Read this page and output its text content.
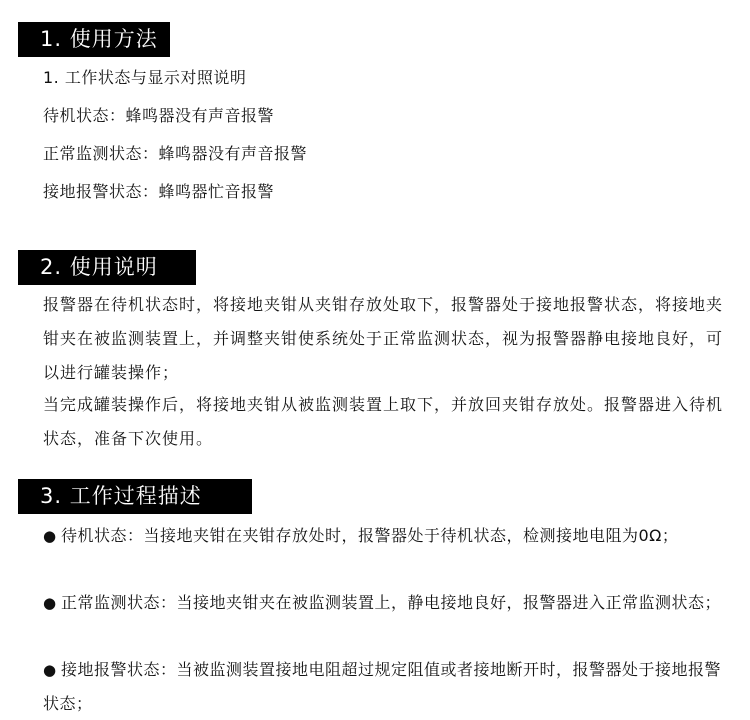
1. 使用方法
1. 工作状态与显示对照说明
待机状态：蜂鸣器没有声音报警
正常监测状态：蜂鸣器没有声音报警
接地报警状态：蜂鸣器忙音报警
2. 使用说明
报警器在待机状态时，将接地夹钳从夹钳存放处取下，报警器处于接地报警状态，将接地夹钳夹在被监测装置上，并调整夹钳使系统处于正常监测状态，视为报警器静电接地良好，可以进行罐装操作；
当完成罐装操作后，将接地夹钳从被监测装置上取下，并放回夹钳存放处。报警器进入待机状态，准备下次使用。
3. 工作过程描述
● 待机状态：当接地夹钳在夹钳存放处时，报警器处于待机状态，检测接地电阻为0Ω；
● 正常监测状态：当接地夹钳夹在被监测装置上，静电接地良好，报警器进入正常监测状态；
● 接地报警状态：当被监测装置接地电阻超过规定阻值或者接地断开时，报警器处于接地报警状态；
